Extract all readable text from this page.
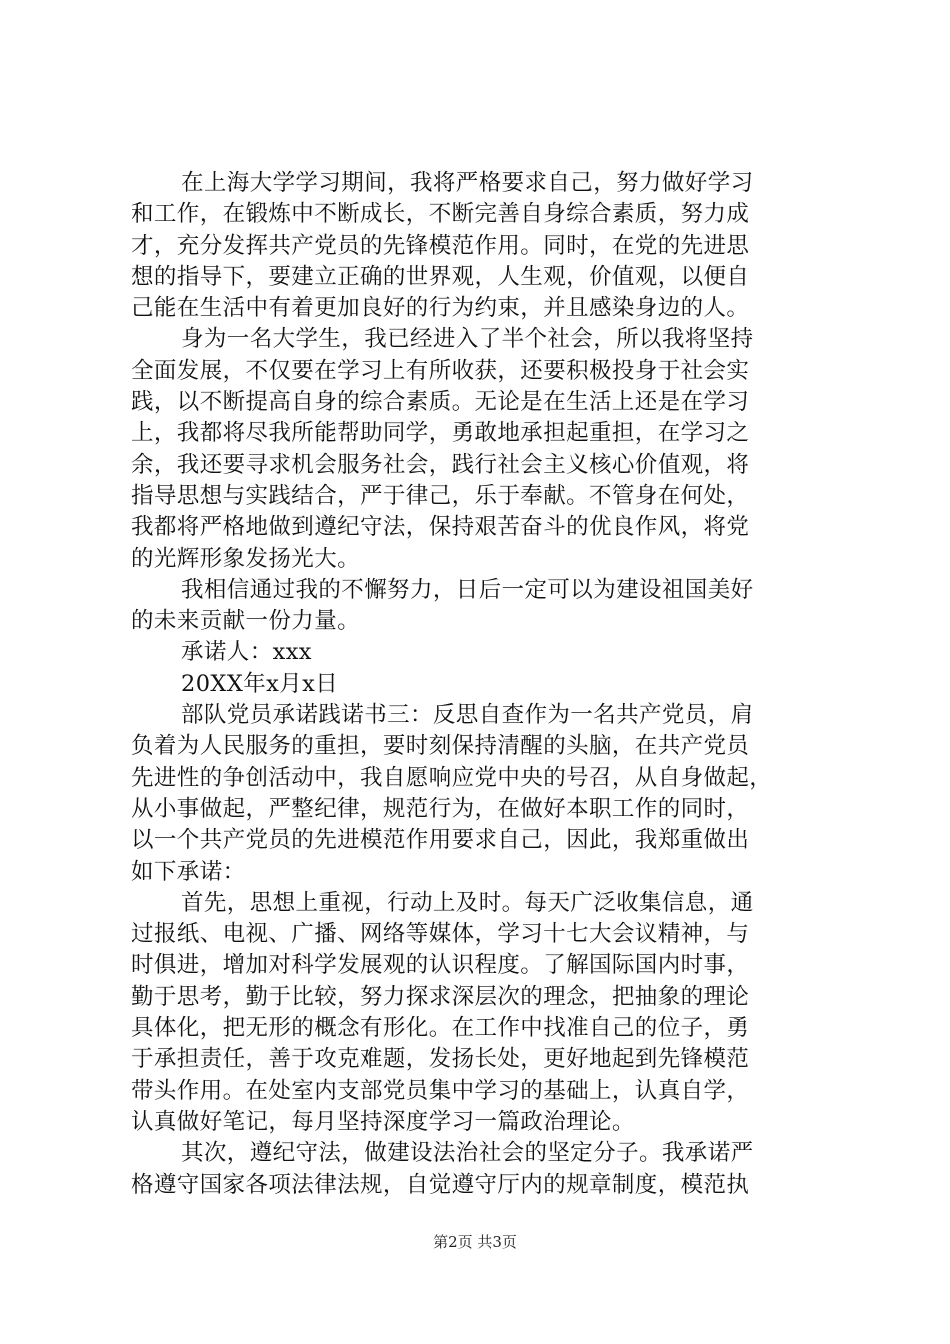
在上海大学学习期间，我将严格要求自己，努力做好学习
和工作，在锻炼中不断成长，不断完善自身综合素质，努力成
才，充分发挥共产党员的先锋模范作用。同时，在党的先进思
想的指导下，要建立正确的世界观，人生观，价值观，以便自
己能在生活中有着更加良好的行为约束，并且感染身边的人。
身为一名大学生，我已经进入了半个社会，所以我将坚持
全面发展，不仅要在学习上有所收获，还要积极投身于社会实
践，以不断提高自身的综合素质。无论是在生活上还是在学习
上，我都将尽我所能帮助同学，勇敢地承担起重担，在学习之
余，我还要寻求机会服务社会，践行社会主义核心价值观，将
指导思想与实践结合，严于律己，乐于奉献。不管身在何处，
我都将严格地做到遵纪守法，保持艰苦奋斗的优良作风，将党
的光辉形象发扬光大。
我相信通过我的不懈努力，日后一定可以为建设祖国美好
的未来贡献一份力量。
承诺人：xxx
20XX年x月x日
部队党员承诺践诺书三：反思自查作为一名共产党员，肩
负着为人民服务的重担，要时刻保持清醒的头脑，在共产党员
先进性的争创活动中，我自愿响应党中央的号召，从自身做起，
从小事做起，严整纪律，规范行为，在做好本职工作的同时，
以一个共产党员的先进模范作用要求自己，因此，我郑重做出
如下承诺：
首先，思想上重视，行动上及时。每天广泛收集信息，通
过报纸、电视、广播、网络等媒体，学习十七大会议精神，与
时俱进，增加对科学发展观的认识程度。了解国际国内时事，
勤于思考，勤于比较，努力探求深层次的理念，把抽象的理论
具体化，把无形的概念有形化。在工作中找准自己的位子，勇
于承担责任，善于攻克难题，发扬长处，更好地起到先锋模范
带头作用。在处室内支部党员集中学习的基础上，认真自学，
认真做好笔记，每月坚持深度学习一篇政治理论。
其次，遵纪守法，做建设法治社会的坚定分子。我承诺严
格遵守国家各项法律法规，自觉遵守厅内的规章制度，模范执
第2页 共3页
